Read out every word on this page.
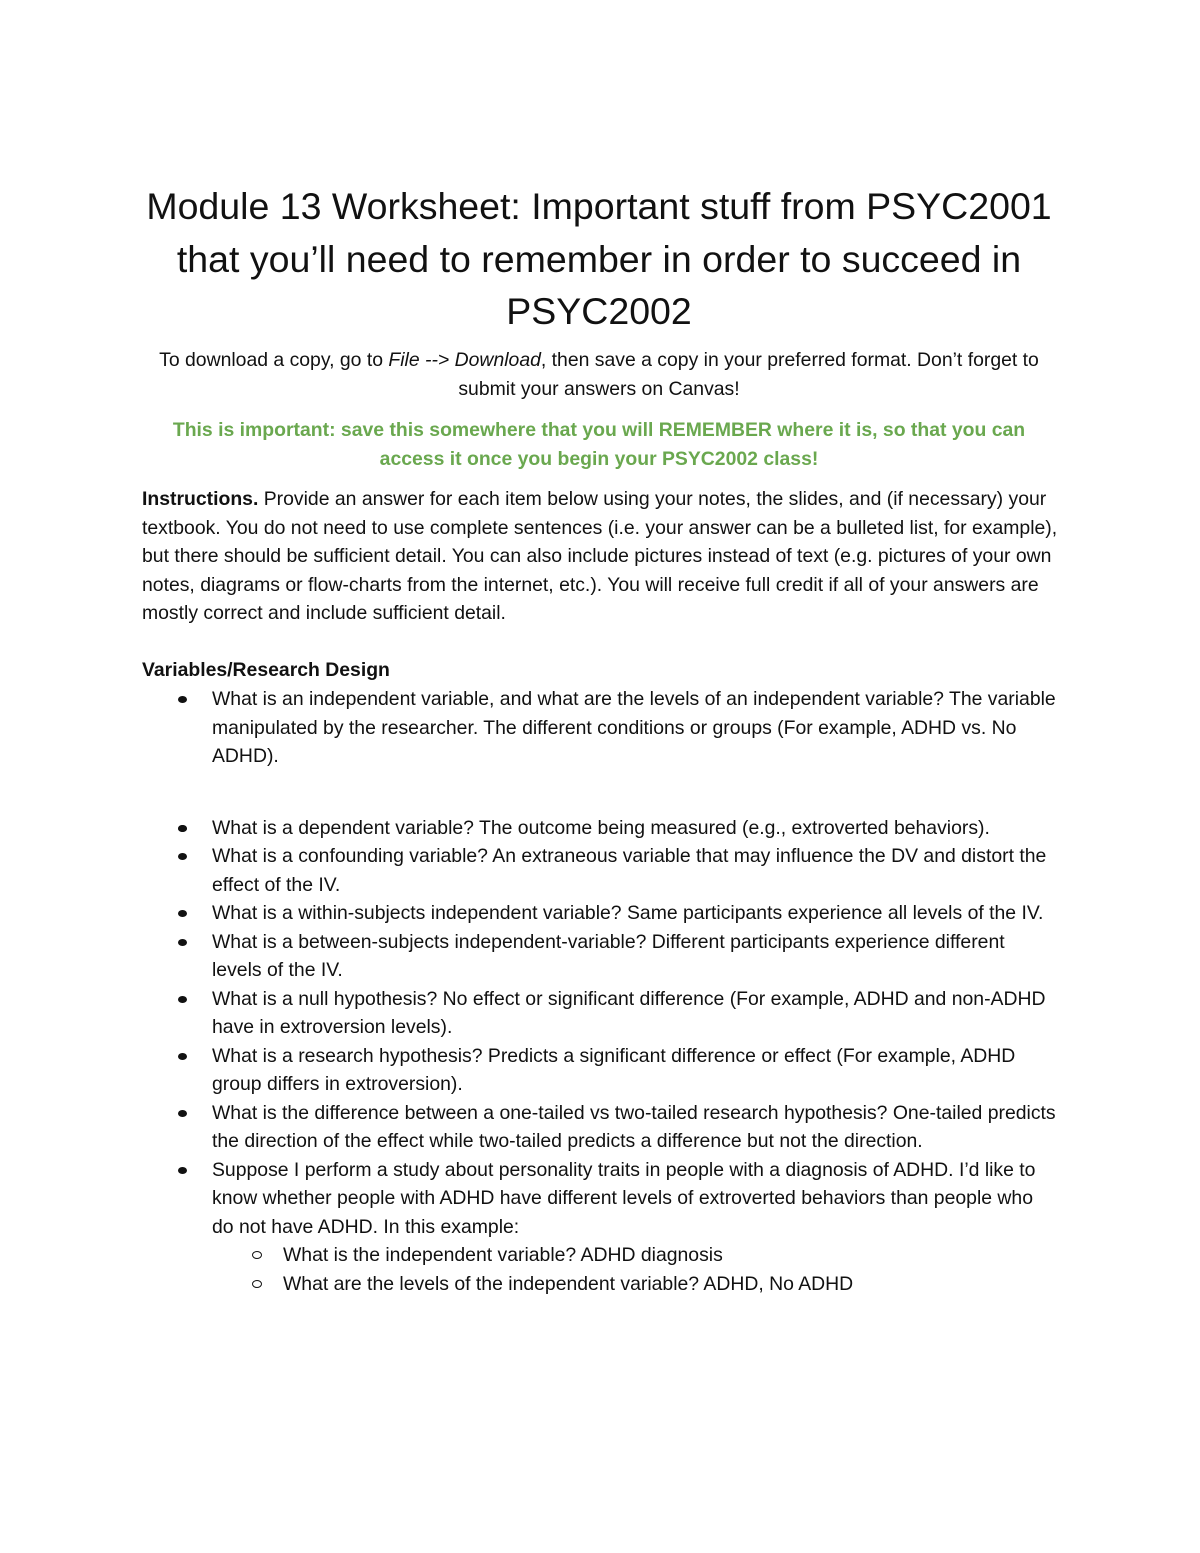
Module 13 Worksheet: Important stuff from PSYC2001 that you’ll need to remember in order to succeed in PSYC2002

To download a copy, go to File --> Download, then save a copy in your preferred format. Don’t forget to submit your answers on Canvas!

This is important: save this somewhere that you will REMEMBER where it is, so that you can access it once you begin your PSYC2002 class!

Instructions. Provide an answer for each item below using your notes, the slides, and (if necessary) your textbook. You do not need to use complete sentences (i.e. your answer can be a bulleted list, for example), but there should be sufficient detail. You can also include pictures instead of text (e.g. pictures of your own notes, diagrams or flow-charts from the internet, etc.). You will receive full credit if all of your answers are mostly correct and include sufficient detail.

Variables/Research Design
What is an independent variable, and what are the levels of an independent variable? The variable manipulated by the researcher. The different conditions or groups (For example, ADHD vs. No ADHD).
What is a dependent variable? The outcome being measured (e.g., extroverted behaviors).
What is a confounding variable? An extraneous variable that may influence the DV and distort the effect of the IV.
What is a within-subjects independent variable? Same participants experience all levels of the IV.
What is a between-subjects independent-variable? Different participants experience different levels of the IV.
What is a null hypothesis? No effect or significant difference (For example, ADHD and non-ADHD have in extroversion levels).
What is a research hypothesis? Predicts a significant difference or effect (For example, ADHD group differs in extroversion).
What is the difference between a one-tailed vs two-tailed research hypothesis? One-tailed predicts the direction of the effect while two-tailed predicts a difference but not the direction.
Suppose I perform a study about personality traits in people with a diagnosis of ADHD. I’d like to know whether people with ADHD have different levels of extroverted behaviors than people who do not have ADHD. In this example:
What is the independent variable? ADHD diagnosis
What are the levels of the independent variable? ADHD, No ADHD
